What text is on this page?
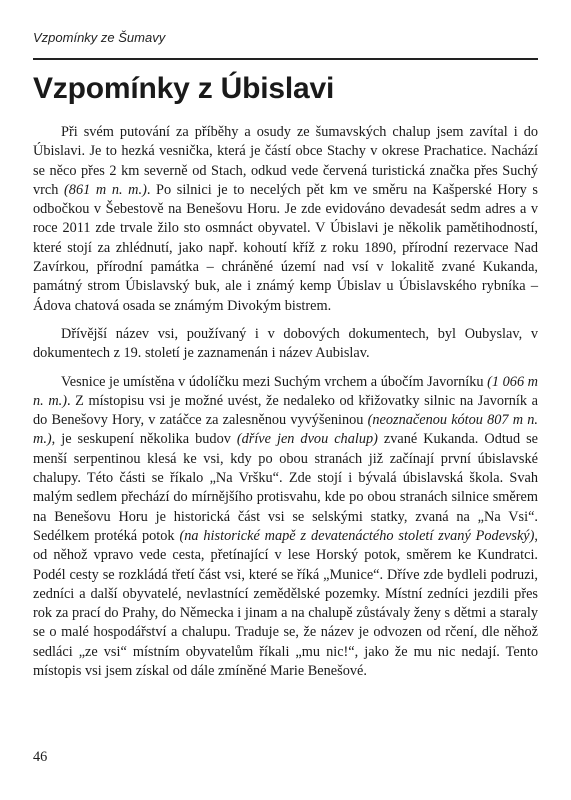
Vzpomínky ze Šumavy
Vzpomínky z Úbislavi

Při svém putování za příběhy a osudy ze šumavských chalup jsem zavítal i do Úbislavi. Je to hezká vesnička, která je částí obce Stachy v okrese Prachatice. Nachází se něco přes 2 km severně od Stach, odkud vede červená turistická značka přes Suchý vrch (861 m n. m.). Po silnici je to necelých pět km ve směru na Kašperské Hory s odbočkou v Šebestově na Benešovu Horu. Je zde evidováno devadesát sedm adres a v roce 2011 zde trvale žilo sto osmnáct obyvatel. V Úbislavi je několik pamětihodností, které stojí za zhlédnutí, jako např. kohoutí kříž z roku 1890, přírodní rezervace Nad Zavírkou, přírodní památka – chráněné území nad vsí v lokalitě zvané Kukanda, památný strom Úbislavský buk, ale i známý kemp Úbislav u Úbislavského rybníka – Ádova chatová osada se známým Divokým bistrem.

Dřívější název vsi, používaný i v dobových dokumentech, byl Oubyslav, v dokumentech z 19. století je zaznamenán i název Aubislav.

Vesnice je umístěna v údolíčku mezi Suchým vrchem a úbočím Javorníku (1 066 m n. m.). Z místopisu vsi je možné uvést, že nedaleko od křižovatky silnic na Javorník a do Benešovy Hory, v zatáčce za zalesněnou vyvýšeninou (neoznačenou kótou 807 m n. m.), je seskupení několika budov (dříve jen dvou chalup) zvané Kukanda. Odtud se menší serpentinou klesá ke vsi, kdy po obou stranách již začínají první úbislavské chalupy. Této části se říkalo „Na Vršku“. Zde stojí i bývalá úbislavská škola. Svah malým sedlem přechází do mírnějšího protisvahu, kde po obou stranách silnice směrem na Benešovu Horu je historická část vsi se selskými statky, zvaná na „Na Vsi“. Sedélkem protéká potok (na historické mapě z devatenáctého století zvaný Podevský), od něhož vpravo vede cesta, přetínající v lese Horský potok, směrem ke Kundratci. Podél cesty se rozkládá třetí část vsi, které se říká „Munice“. Dříve zde bydleli podruzi, zedníci a další obyvatelé, nevlastnící zemědělské pozemky. Místní zedníci jezdili přes rok za prací do Prahy, do Německa i jinam a na chalupě zůstávaly ženy s dětmi a staraly se o malé hospodářství a chalupu. Traduje se, že název je odvozen od rčení, dle něhož sedláci „ze vsi“ místním obyvatelům říkali „mu nic!“, jako že mu nic nedají. Tento místopis vsi jsem získal od dále zmíněné Marie Benešové.

46
